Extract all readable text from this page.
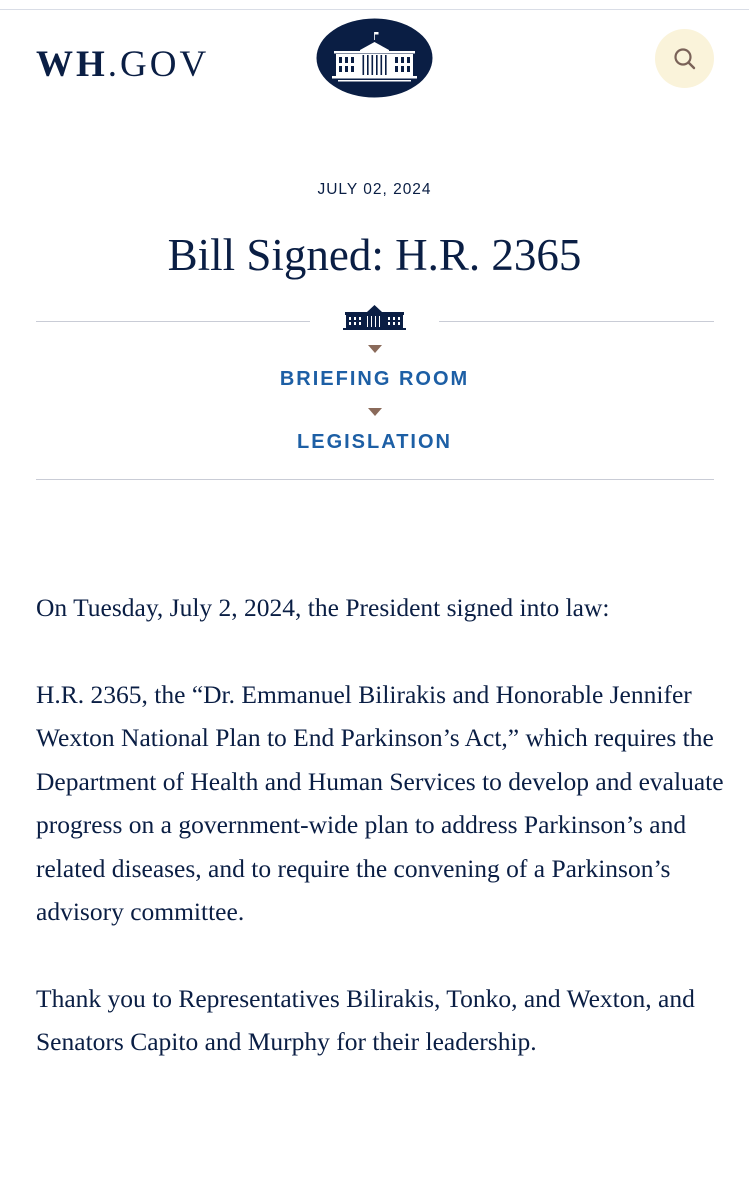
WH.GOV
JULY 02, 2024
Bill Signed: H.R. 2365
BRIEFING ROOM
LEGISLATION

On Tuesday, July 2, 2024, the President signed into law:

H.R. 2365, the “Dr. Emmanuel Bilirakis and Honorable Jennifer Wexton National Plan to End Parkinson’s Act,” which requires the Department of Health and Human Services to develop and evaluate progress on a government-wide plan to address Parkinson’s and related diseases, and to require the convening of a Parkinson’s advisory committee.

Thank you to Representatives Bilirakis, Tonko, and Wexton, and Senators Capito and Murphy for their leadership.
